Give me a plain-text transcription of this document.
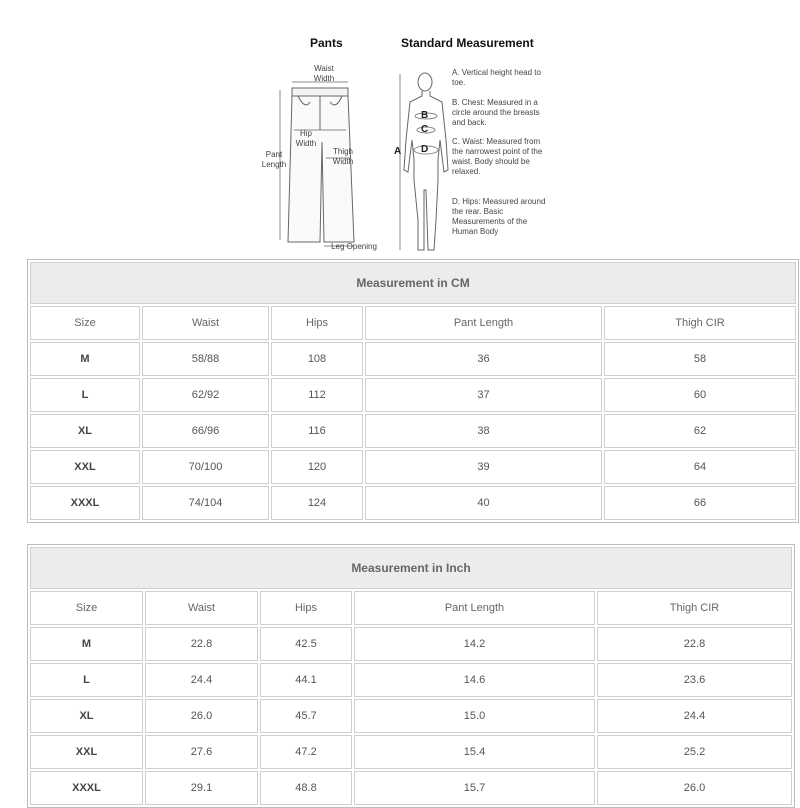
Pants	Standard Measurement
Waist Width
Hip Width
Pant Length
Thigh Width
Leg Opening
A
B
C
D
A. Vertical height head to toe.
B. Chest: Measured in a circle around the breasts and back.
C. Waist: Measured from the narrowest point of the waist. Body should be relaxed.
D. Hips: Measured around the rear. Basic Measurements of the Human Body
Measurement in CM				
Size	Waist	Hips	Pant Length	Thigh CIR
M	58/88	108	36	58
L	62/92	112	37	60
XL	66/96	116	38	62
XXL	70/100	120	39	64
XXXL	74/104	124	40	66
Measurement in Inch				
Size	Waist	Hips	Pant Length	Thigh CIR
M	22.8	42.5	14.2	22.8
L	24.4	44.1	14.6	23.6
XL	26.0	45.7	15.0	24.4
XXL	27.6	47.2	15.4	25.2
XXXL	29.1	48.8	15.7	26.0
